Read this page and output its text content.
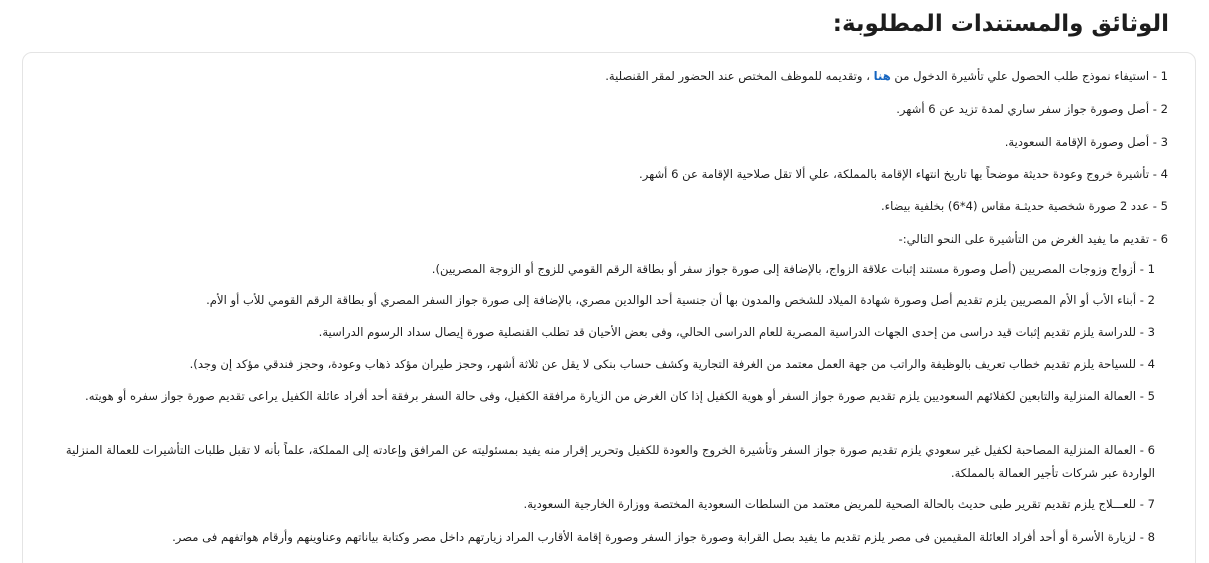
الوثائق والمستندات المطلوبة:
1 - استيفاء نموذج طلب الحصول علي تأشيرة الدخول من هنا ، وتقديمه للموظف المختص عند الحضور لمقر القنصلية.
2 - أصل وصورة جواز سفر ساري لمدة تزيد عن 6 أشهر.
3 - أصل وصورة الإقامة السعودية.
4 - تأشيرة خروج وعودة حديثة موضحاً بها تاريخ انتهاء الإقامة بالمملكة، علي ألا تقل صلاحية الإقامة عن 6 أشهر.
5 - عدد 2 صورة شخصية حديثـة مقاس (4*6) بخلفية بيضاء.
6 - تقديم ما يفيد الغرض من التأشيرة على النحو التالي:-
1 - أزواج وزوجات المصريين (أصل وصورة مستند إثبات علاقة الزواج، بالإضافة إلى صورة جواز سفر أو بطاقة الرقم القومي للزوج أو الزوجة المصريين).
2 - أبناء الأب أو الأم المصريين يلزم تقديم أصل وصورة شهادة الميلاد للشخص والمدون بها أن جنسية أحد الوالدين مصري، بالإضافة إلى صورة جواز السفر المصري أو بطاقة الرقم القومي للأب أو الأم.
3 - للدراسة يلزم تقديم إثبات قيد دراسى من إحدى الجهات الدراسية المصرية للعام الدراسى الحالي، وفى بعض الأحيان قد تطلب القنصلية صورة إيصال سداد الرسوم الدراسية.
4 - للسياحة يلزم تقديم خطاب تعريف بالوظيفة والراتب من جهة العمل معتمد من الغرفة التجارية وكشف حساب بنكى لا يقل عن ثلاثة أشهر، وحجز طيران مؤكد ذهاب وعودة، وحجز فندقي مؤكد إن وجد).
5 - العمالة المنزلية والتابعين لكفلائهم السعوديين يلزم تقديم صورة جواز السفر أو هوية الكفيل إذا كان الغرض من الزيارة مرافقة الكفيل، وفى حالة السفر برفقة أحد أفراد عائلة الكفيل يراعى تقديم صورة جواز سفره أو هويته.
6 - العمالة المنزلية المصاحبة لكفيل غير سعودي يلزم تقديم صورة جواز السفر وتأشيرة الخروج والعودة للكفيل وتحرير إقرار منه يفيد بمسئوليته عن المرافق وإعادته إلى المملكة، علماً بأنه لا تقبل طلبات التأشيرات للعمالة المنزلية الواردة عبر شركات تأجير العمالة بالمملكة.
7 - للعـــلاج يلزم تقديم تقرير طبى حديث بالحالة الصحية للمريض معتمد من السلطات السعودية المختصة ووزارة الخارجية السعودية.
8 - لزيارة الأسرة أو أحد أفراد العائلة المقيمين فى مصر يلزم تقديم ما يفيد بصل القرابة وصورة جواز السفر وصورة إقامة الأقارب المراد زيارتهم داخل مصر وكتابة بياناتهم وعناوينهم وأرقام هواتفهم فى مصر.
